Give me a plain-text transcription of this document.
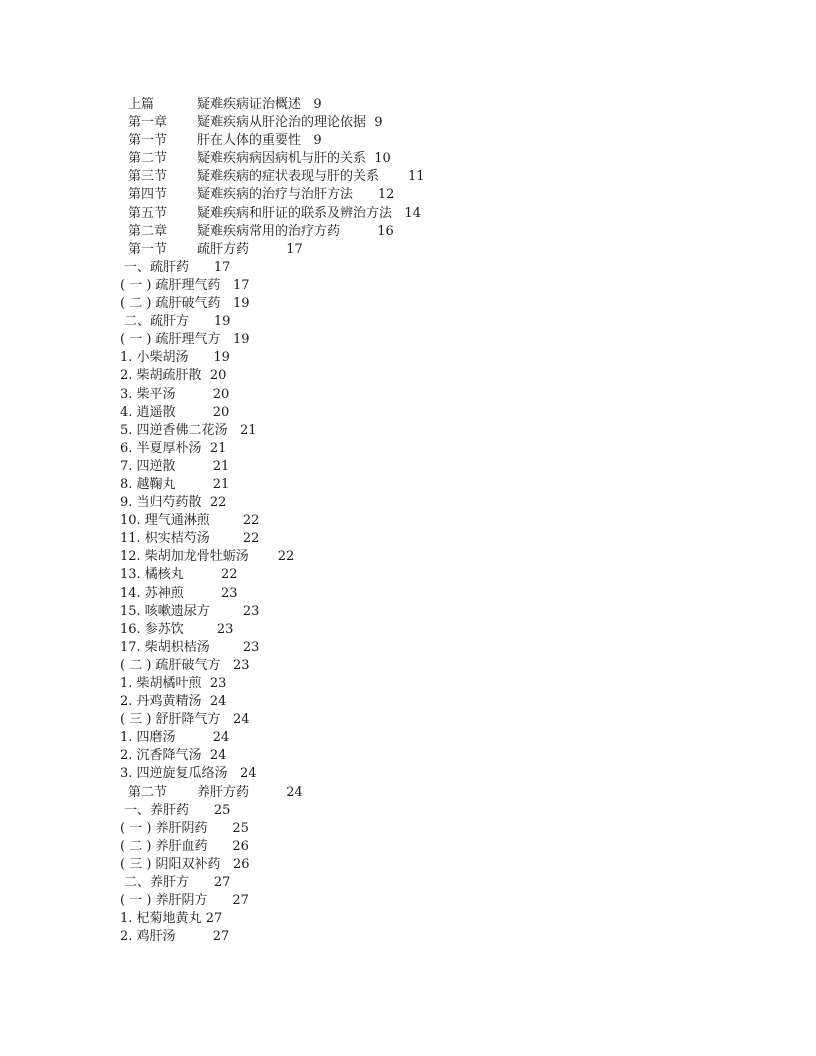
上篇	疑难疾病证治概述 9
第一章 疑难疾病从肝沦治的理论依据 9
第一节 肝在人体的重要性 9
第二节 疑难疾病病因病机与肝的关系 10
第三节 疑难疾病的症状表现与肝的关系 11
第四节 疑难疾病的治疗与治肝方法 12
第五节 疑难疾病和肝证的联系及辨治方法 14
第二章 疑难疾病常用的治疗方药	16
第一节 疏肝方药	17
一、疏肝药 17
( 一 ) 疏肝理气药 17
( 二 ) 疏肝破气药 19
二、疏肝方 19
( 一 ) 疏肝理气方 19
1. 小柴胡汤 19
2. 柴胡疏肝散 20
3. 柴平汤	20
4. 逍遥散	20
5. 四逆香佛二花汤 21
6. 半夏厚朴汤 21
7. 四逆散	21
8. 越鞠丸	21
9. 当归芍药散 22
10. 理气通淋煎	22
11. 枳实桔芍汤	22
12. 柴胡加龙骨牡蛎汤 22
13. 橘核丸	22
14. 苏神煎	23
15. 咳嗽遗尿方	23
16. 参苏饮	23
17. 柴胡枳桔汤	23
( 二 ) 疏肝破气方 23
1. 柴胡橘叶煎 23
2. 丹鸡黄精汤 24
( 三 ) 舒肝降气方 24
1. 四磨汤	24
2. 沉香降气汤 24
3. 四逆旋复瓜络汤 24
第二节 养肝方药	24
一、养肝药 25
( 一 ) 养肝阴药 25
( 二 ) 养肝血药 26
( 三 ) 阴阳双补药 26
二、养肝方 27
( 一 ) 养肝阴方 27
1. 杞菊地黄丸 27
2. 鸡肝汤	27
